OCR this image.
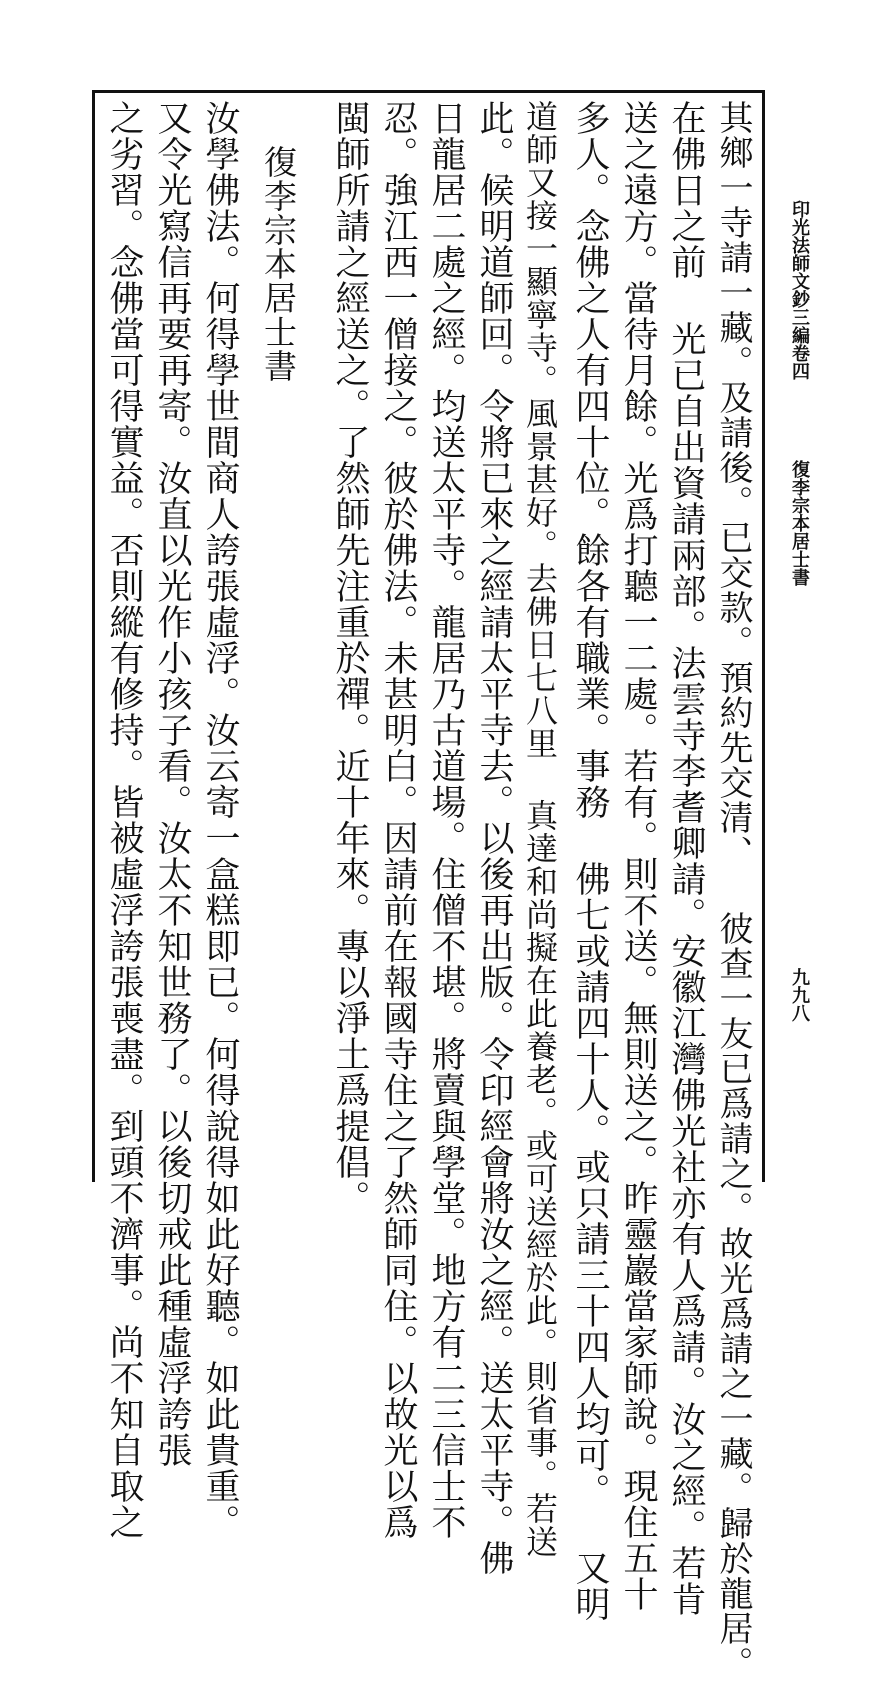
印光法師文鈔三編卷四
復李宗本居士書
九九八
其鄉一寺請一藏。及請後。已交款。預約先交清、 彼查一友已爲請之。故光爲請之一藏。歸於龍居。
在佛日之前 光已自出資請兩部。法雲寺李耆卿請。安徽江灣佛光社亦有人爲請。汝之經。若肯
送之遠方。當待月餘。光爲打聽一二處。若有。則不送。無則送之。昨靈巖當家師說。現住五十
多人。念佛之人有四十位。餘各有職業。事務 佛七或請四十人。或只請三十四人均可。 又明
道師又接一顯寧寺。風景甚好。去佛日七八里 真達和尚擬在此養老。或可送經於此。則省事。若送
此。候明道師回。令將已來之經請太平寺去。以後再出版。令印經會將汝之經。送太平寺。佛
日龍居二處之經。均送太平寺。龍居乃古道場。住僧不堪。將賣與學堂。地方有二三信士不
忍。強江西一僧接之。彼於佛法。未甚明白。因請前在報國寺住之了然師同住。以故光以爲
閩師所請之經送之。了然師先注重於禪。近十年來。專以淨土爲提倡。
復李宗本居士書
汝學佛法。何得學世間商人誇張虛浮。汝云寄一盒糕即已。何得說得如此好聽。如此貴重。
又令光寫信再要再寄。汝直以光作小孩子看。汝太不知世務了。以後切戒此種虛浮誇張
之劣習。念佛當可得實益。否則縱有修持。皆被虛浮誇張喪盡。到頭不濟事。尚不知自取之
